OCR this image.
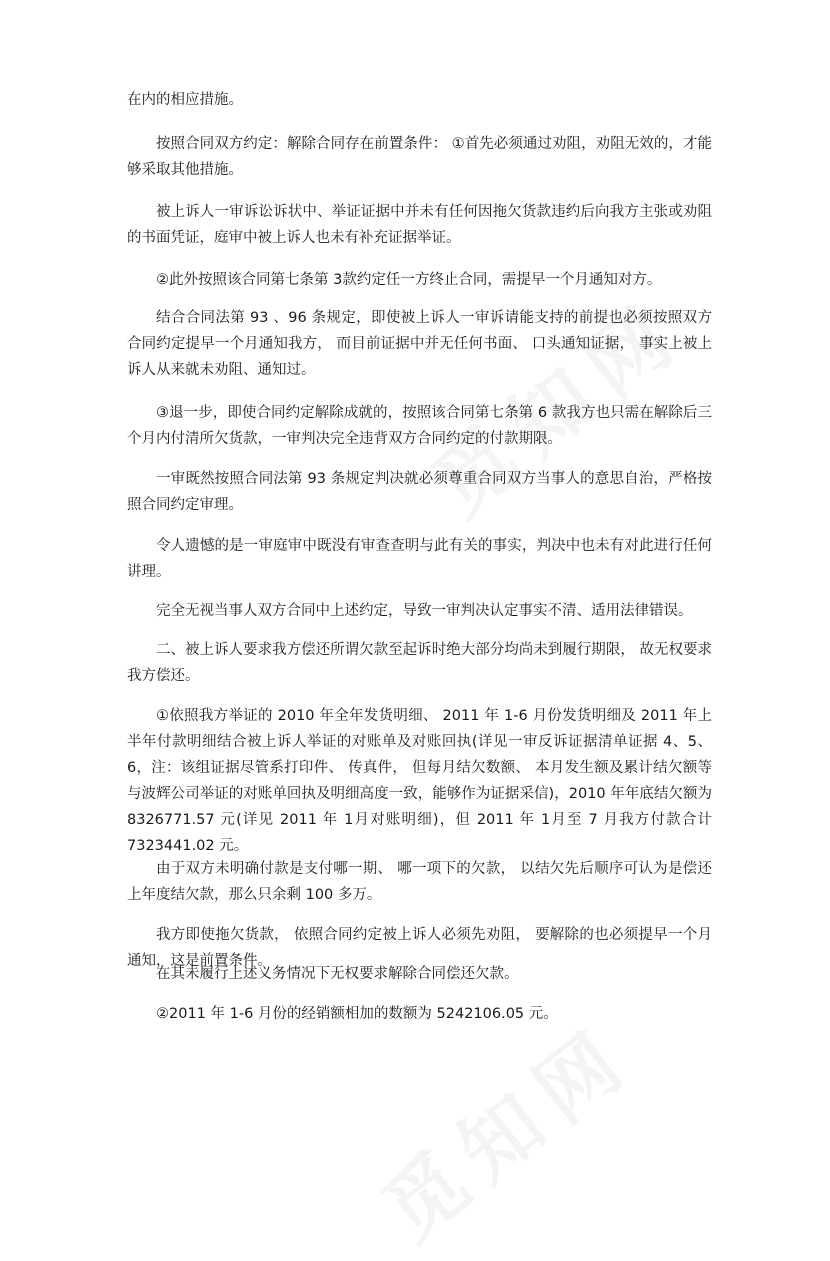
在内的相应措施。

按照合同双方约定：解除合同存在前置条件： ①首先必须通过劝阻，劝阻无效的，才能够采取其他措施。

被上诉人一审诉讼诉状中、举证证据中并未有任何因拖欠货款违约后向我方主张或劝阻的书面凭证，庭审中被上诉人也未有补充证据举证。

②此外按照该合同第七条第 3款约定任一方终止合同，需提早一个月通知对方。

结合合同法第 93 、96 条规定，即使被上诉人一审诉请能支持的前提也必须按照双方合同约定提早一个月通知我方， 而目前证据中并无任何书面、 口头通知证据， 事实上被上诉人从来就未劝阻、通知过。

③退一步，即使合同约定解除成就的，按照该合同第七条第 6 款我方也只需在解除后三个月内付清所欠货款，一审判决完全违背双方合同约定的付款期限。

一审既然按照合同法第 93 条规定判决就必须尊重合同双方当事人的意思自治，严格按照合同约定审理。

令人遗憾的是一审庭审中既没有审查查明与此有关的事实，判决中也未有对此进行任何讲理。

完全无视当事人双方合同中上述约定，导致一审判决认定事实不清、适用法律错误。

二、被上诉人要求我方偿还所谓欠款至起诉时绝大部分均尚未到履行期限， 故无权要求我方偿还。

①依照我方举证的 2010 年全年发货明细、 2011 年 1-6 月份发货明细及 2011 年上半年付款明细结合被上诉人举证的对账单及对账回执(详见一审反诉证据清单证据 4、5、6，注：该组证据尽管系打印件、 传真件， 但每月结欠数额、 本月发生额及累计结欠额等与波辉公司举证的对账单回执及明细高度一致，能够作为证据采信)，2010 年年底结欠额为 8326771.57 元(详见 2011 年 1月对账明细)，但 2011 年 1月至 7 月我方付款合计 7323441.02 元。

由于双方未明确付款是支付哪一期、 哪一项下的欠款， 以结欠先后顺序可认为是偿还上年度结欠款，那么只余剩 100 多万。

我方即使拖欠货款， 依照合同约定被上诉人必须先劝阻， 要解除的也必须提早一个月通知，这是前置条件。

在其未履行上述义务情况下无权要求解除合同偿还欠款。

②2011 年 1-6 月份的经销额相加的数额为 5242106.05 元。
